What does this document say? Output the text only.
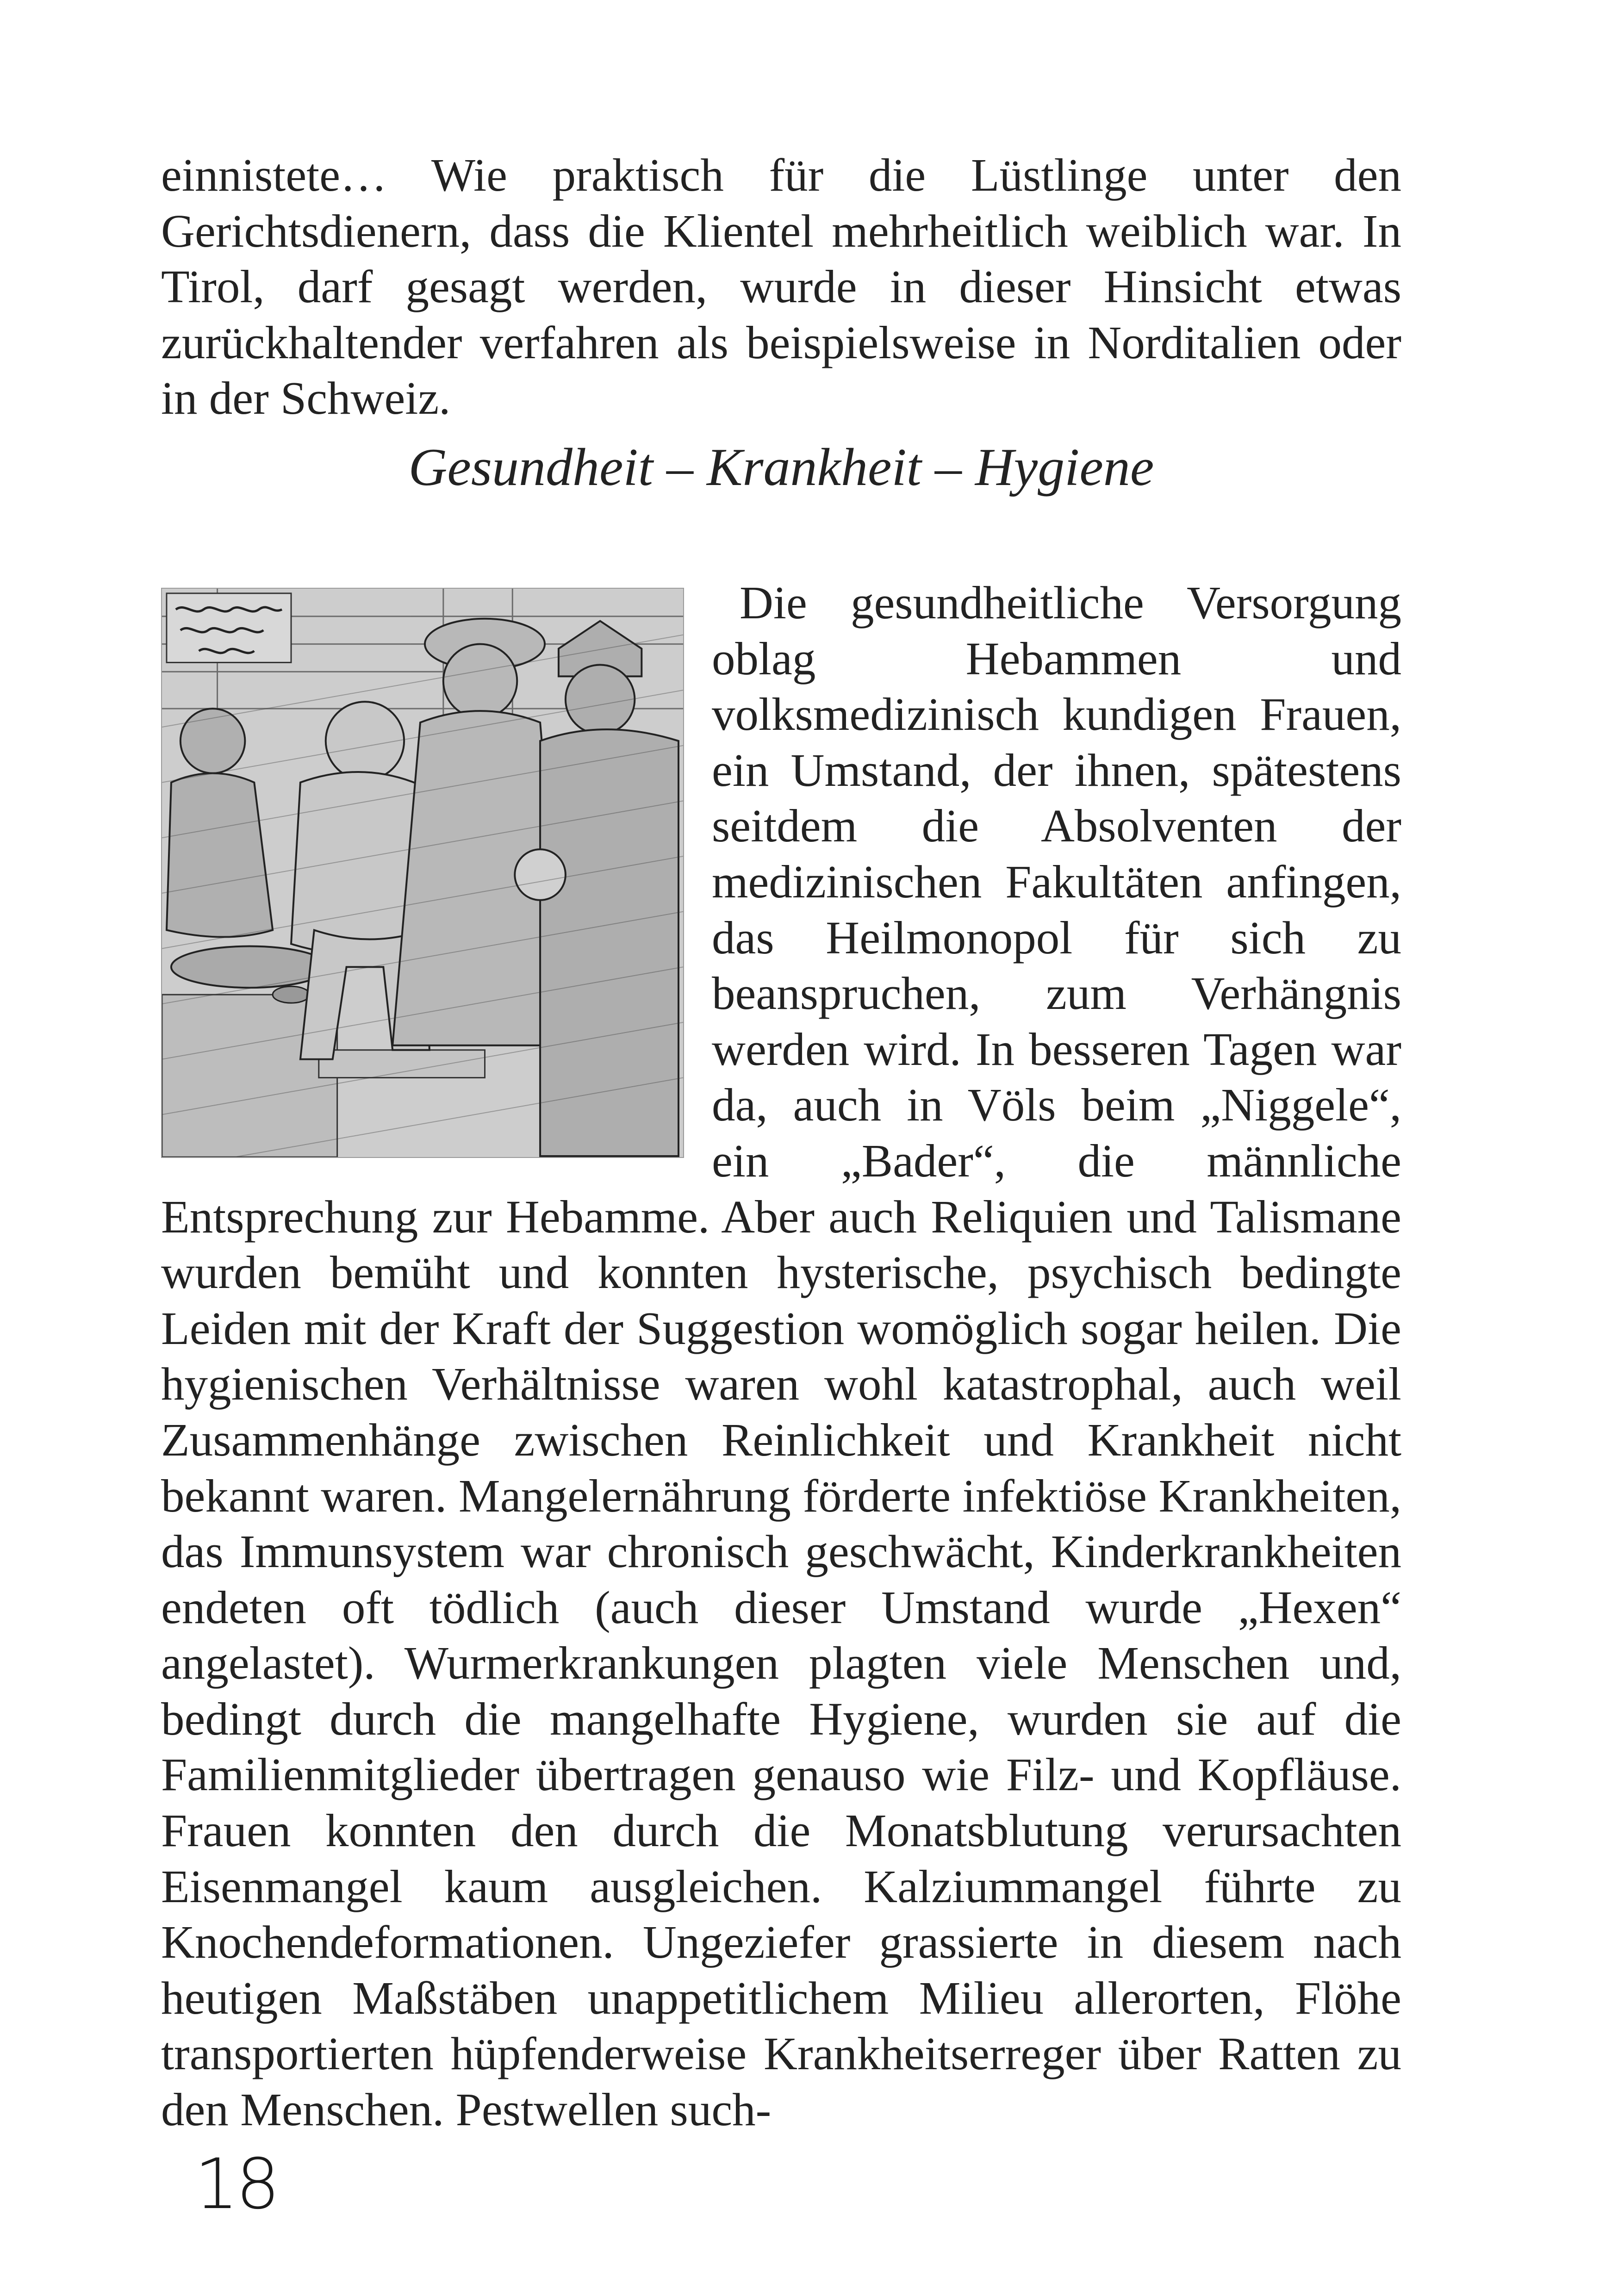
einnistete… Wie praktisch für die Lüstlinge unter den Gerichtsdienern, dass die Klientel mehrheitlich weiblich war. In Tirol, darf gesagt werden, wurde in dieser Hinsicht etwas zurückhaltender verfahren als beispielsweise in Norditalien oder in der Schweiz.

Gesundheit – Krankheit – Hygiene

Die gesundheitliche Versorgung oblag Hebammen und volksmedizinisch kundigen Frauen, ein Umstand, der ihnen, spätestens seitdem die Absolventen der medizinischen Fakultäten anfingen, das Heilmonopol für sich zu beanspruchen, zum Verhängnis werden wird. In besseren Tagen war da, auch in Völs beim „Niggele“, ein „Bader“, die männliche Entsprechung zur Hebamme. Aber auch Reliquien und Talismane wurden bemüht und konnten hysterische, psychisch bedingte Leiden mit der Kraft der Suggestion womöglich sogar heilen. Die hygienischen Verhältnisse waren wohl katastrophal, auch weil Zusammenhänge zwischen Reinlichkeit und Krankheit nicht bekannt waren. Mangelernährung förderte infektiöse Krankheiten, das Immunsystem war chronisch geschwächt, Kinderkrankheiten endeten oft tödlich (auch dieser Umstand wurde „Hexen“ angelastet). Wurmerkrankungen plagten viele Menschen und, bedingt durch die mangelhafte Hygiene, wurden sie auf die Familienmitglieder übertragen genauso wie Filz- und Kopfläuse. Frauen konnten den durch die Monatsblutung verursachten Eisenmangel kaum ausgleichen. Kalziummangel führte zu Knochendeformationen. Ungeziefer grassierte in diesem nach heutigen Maßstäben unappetitlichem Milieu allerorten, Flöhe transportierten hüpfenderweise Krankheitserreger über Ratten zu den Menschen. Pestwellen such-

18
